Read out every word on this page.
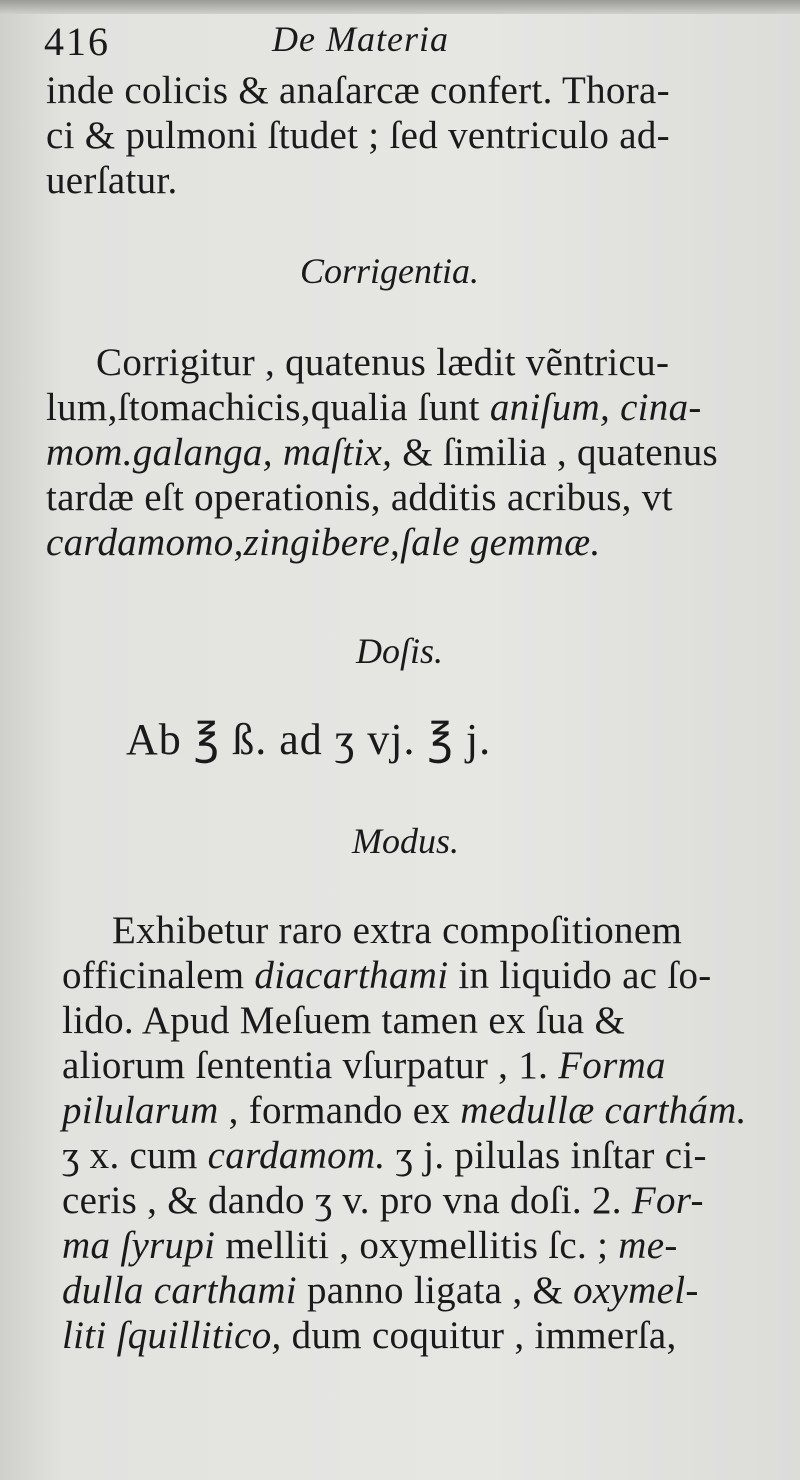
416	De Materia
inde colicis & anaſarcæ confert. Thora-
ci & pulmoni ſtudet ; ſed ventriculo ad-
uerſatur.
Corrigentia.
Corrigitur , quatenus lædit vẽntricu-
lum,ſtomachicis,qualia ſunt aniſum, cina-
mom.galanga, maſtix, & ſimilia , quatenus
tardæ eſt operationis, additis acribus, vt
cardamomo,zingibere,ſale gemmæ.
Doſis.
Ab ℥ ß. ad ʒ vj. ℥ j.
Modus.
Exhibetur raro extra compoſitionem
officinalem diacarthami in liquido ac ſo-
lido. Apud Meſuem tamen ex ſua &
aliorum ſententia vſurpatur , 1. Forma
pilularum , formando ex medullæ carthám.
ʒ x. cum cardamom. ʒ j. pilulas inſtar ci-
ceris , & dando ʒ v. pro vna doſi. 2. For-
ma ſyrupi melliti , oxymellitis ſc. ; me-
dulla carthami panno ligata , & oxymel-
liti ſquillitico, dum coquitur , immerſa,
